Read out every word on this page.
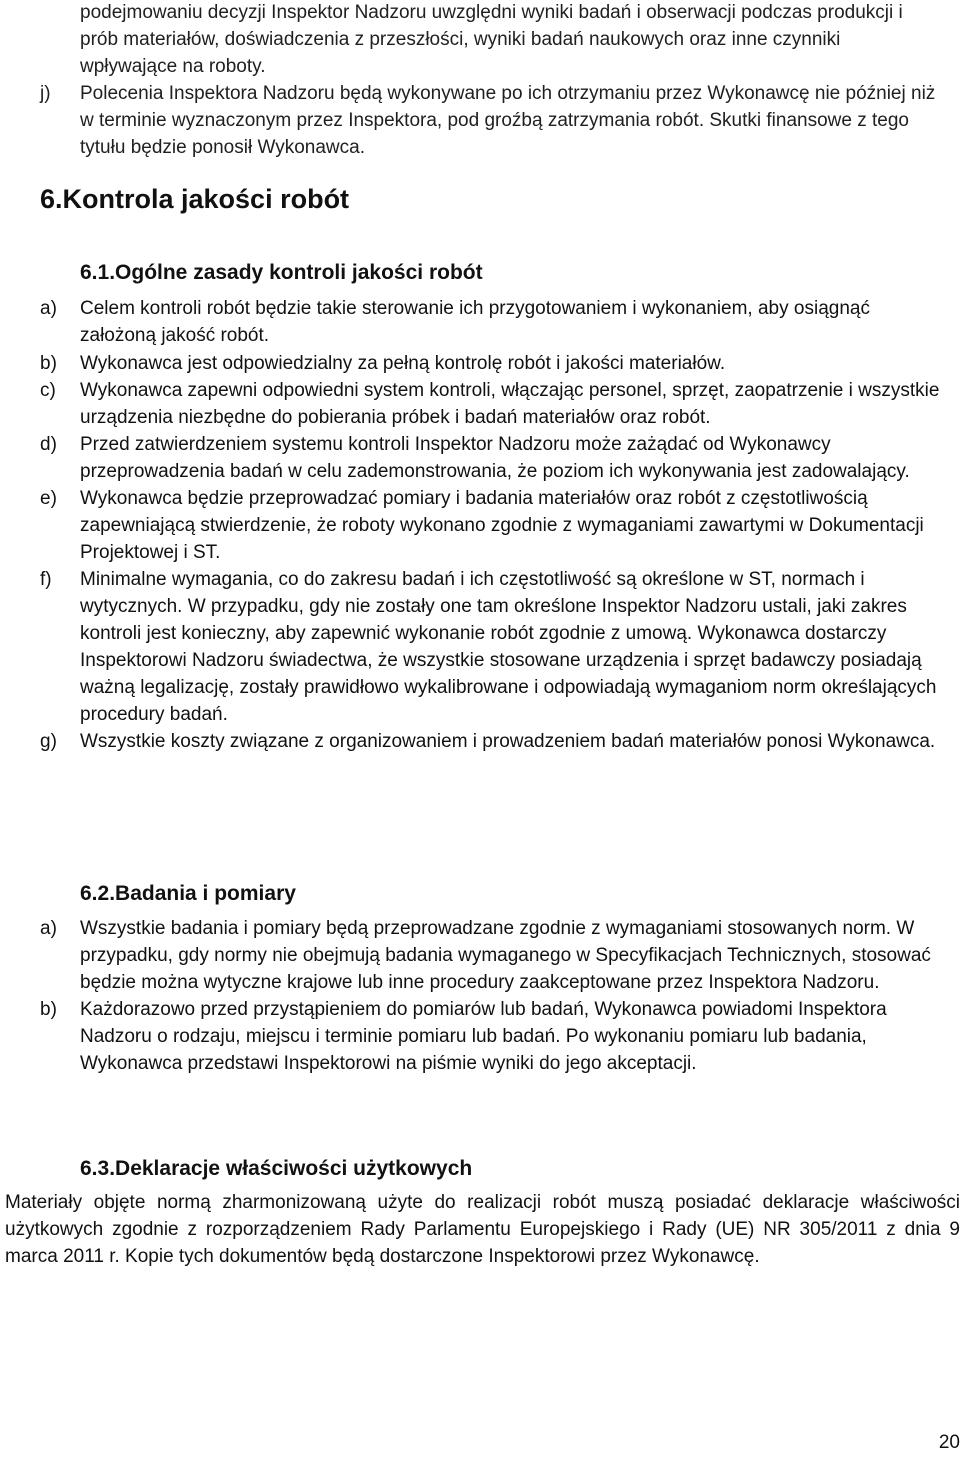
podejmowaniu decyzji Inspektor Nadzoru uwzględni wyniki badań i obserwacji podczas produkcji i prób materiałów, doświadczenia z przeszłości, wyniki badań naukowych oraz inne czynniki wpływające na roboty.
j) Polecenia Inspektora Nadzoru będą wykonywane po ich otrzymaniu przez Wykonawcę nie później niż w terminie wyznaczonym przez Inspektora, pod groźbą zatrzymania robót. Skutki finansowe z tego tytułu będzie ponosił Wykonawca.
6.Kontrola jakości robót
6.1.Ogólne zasady kontroli jakości robót
a) Celem kontroli robót będzie takie sterowanie ich przygotowaniem i wykonaniem, aby osiągnąć założoną jakość robót.
b) Wykonawca jest odpowiedzialny za pełną kontrolę robót i jakości materiałów.
c) Wykonawca zapewni odpowiedni system kontroli, włączając personel, sprzęt, zaopatrzenie i wszystkie urządzenia niezbędne do pobierania próbek i badań materiałów oraz robót.
d) Przed zatwierdzeniem systemu kontroli Inspektor Nadzoru może zażądać od Wykonawcy przeprowadzenia badań w celu zademonstrowania, że poziom ich wykonywania jest zadowalający.
e) Wykonawca będzie przeprowadzać pomiary i badania materiałów oraz robót z częstotliwością zapewniającą stwierdzenie, że roboty wykonano zgodnie z wymaganiami zawartymi w Dokumentacji Projektowej i ST.
f) Minimalne wymagania, co do zakresu badań i ich częstotliwość są określone w ST, normach i wytycznych. W przypadku, gdy nie zostały one tam określone Inspektor Nadzoru ustali, jaki zakres kontroli jest konieczny, aby zapewnić wykonanie robót zgodnie z umową. Wykonawca dostarczy Inspektorowi Nadzoru świadectwa, że wszystkie stosowane urządzenia i sprzęt badawczy posiadają ważną legalizację, zostały prawidłowo wykalibrowane i odpowiadają wymaganiom norm określających procedury badań.
g) Wszystkie koszty związane z organizowaniem i prowadzeniem badań materiałów ponosi Wykonawca.
6.2.Badania i pomiary
a) Wszystkie badania i pomiary będą przeprowadzane zgodnie z wymaganiami stosowanych norm. W przypadku, gdy normy nie obejmują badania wymaganego w Specyfikacjach Technicznych, stosować będzie można wytyczne krajowe lub inne procedury zaakceptowane przez Inspektora Nadzoru.
b) Każdorazowo przed przystąpieniem do pomiarów lub badań, Wykonawca powiadomi Inspektora Nadzoru o rodzaju, miejscu i terminie pomiaru lub badań. Po wykonaniu pomiaru lub badania, Wykonawca przedstawi Inspektorowi na piśmie wyniki do jego akceptacji.
6.3.Deklaracje właściwości użytkowych
Materiały objęte normą zharmonizowaną użyte do realizacji robót muszą posiadać deklaracje właściwości użytkowych zgodnie z rozporządzeniem Rady Parlamentu Europejskiego i Rady (UE) NR 305/2011 z dnia 9 marca 2011 r. Kopie tych dokumentów będą dostarczone Inspektorowi przez Wykonawcę.
20
